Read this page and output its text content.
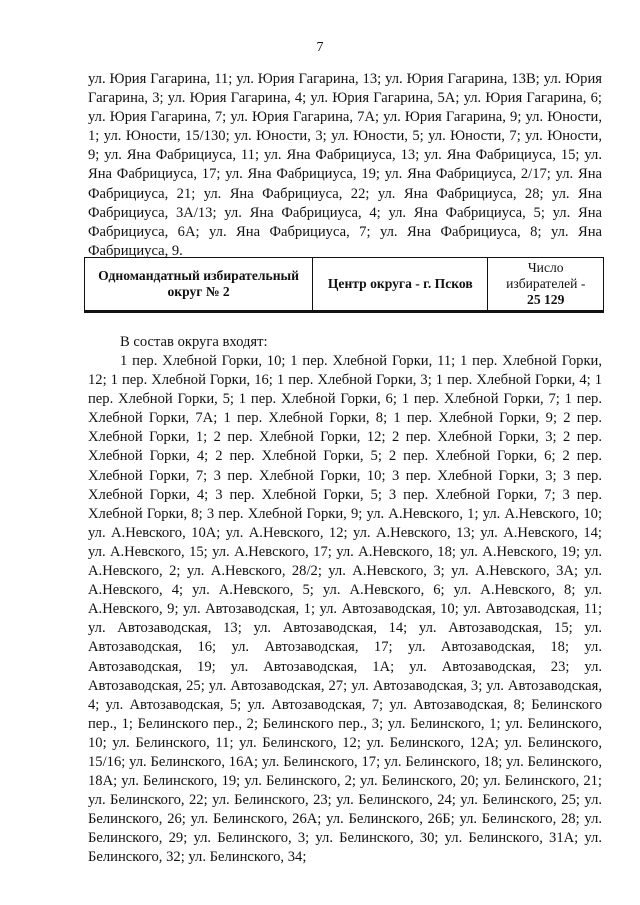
7

ул. Юрия Гагарина, 11; ул. Юрия Гагарина, 13; ул. Юрия Гагарина, 13В; ул. Юрия Гагарина, 3; ул. Юрия Гагарина, 4; ул. Юрия Гагарина, 5А; ул. Юрия Гагарина, 6; ул. Юрия Гагарина, 7; ул. Юрия Гагарина, 7А; ул. Юрия Гагарина, 9; ул. Юности, 1; ул. Юности, 15/130; ул. Юности, 3; ул. Юности, 5; ул. Юности, 7; ул. Юности, 9; ул. Яна Фабрициуса, 11; ул. Яна Фабрициуса, 13; ул. Яна Фабрициуса, 15; ул. Яна Фабрициуса, 17; ул. Яна Фабрициуса, 19; ул. Яна Фабрициуса, 2/17; ул. Яна Фабрициуса, 21; ул. Яна Фабрициуса, 22; ул. Яна Фабрициуса, 28; ул. Яна Фабрициуса, 3А/13; ул. Яна Фабрициуса, 4; ул. Яна Фабрициуса, 5; ул. Яна Фабрициуса, 6А; ул. Яна Фабрициуса, 7; ул. Яна Фабрициуса, 8; ул. Яна Фабрициуса, 9.

Одномандатный избирательный округ № 2
Центр округа - г. Псков
Число избирателей -
25 129

В состав округа входят:

1 пер. Хлебной Горки, 10; 1 пер. Хлебной Горки, 11; 1 пер. Хлебной Горки, 12; 1 пер. Хлебной Горки, 16; 1 пер. Хлебной Горки, 3; 1 пер. Хлебной Горки, 4; 1 пер. Хлебной Горки, 5; 1 пер. Хлебной Горки, 6; 1 пер. Хлебной Горки, 7; 1 пер. Хлебной Горки, 7А; 1 пер. Хлебной Горки, 8; 1 пер. Хлебной Горки, 9; 2 пер. Хлебной Горки, 1; 2 пер. Хлебной Горки, 12; 2 пер. Хлебной Горки, 3; 2 пер. Хлебной Горки, 4; 2 пер. Хлебной Горки, 5; 2 пер. Хлебной Горки, 6; 2 пер. Хлебной Горки, 7; 3 пер. Хлебной Горки, 10; 3 пер. Хлебной Горки, 3; 3 пер. Хлебной Горки, 4; 3 пер. Хлебной Горки, 5; 3 пер. Хлебной Горки, 7; 3 пер. Хлебной Горки, 8; 3 пер. Хлебной Горки, 9; ул. А.Невского, 1; ул. А.Невского, 10; ул. А.Невского, 10А; ул. А.Невского, 12; ул. А.Невского, 13; ул. А.Невского, 14; ул. А.Невского, 15; ул. А.Невского, 17; ул. А.Невского, 18; ул. А.Невского, 19; ул. А.Невского, 2; ул. А.Невского, 28/2; ул. А.Невского, 3; ул. А.Невского, 3А; ул. А.Невского, 4; ул. А.Невского, 5; ул. А.Невского, 6; ул. А.Невского, 8; ул. А.Невского, 9; ул. Автозаводская, 1; ул. Автозаводская, 10; ул. Автозаводская, 11; ул. Автозаводская, 13; ул. Автозаводская, 14; ул. Автозаводская, 15; ул. Автозаводская, 16; ул. Автозаводская, 17; ул. Автозаводская, 18; ул. Автозаводская, 19; ул. Автозаводская, 1А; ул. Автозаводская, 23; ул. Автозаводская, 25; ул. Автозаводская, 27; ул. Автозаводская, 3; ул. Автозаводская, 4; ул. Автозаводская, 5; ул. Автозаводская, 7; ул. Автозаводская, 8; Белинского пер., 1; Белинского пер., 2; Белинского пер., 3; ул. Белинского, 1; ул. Белинского, 10; ул. Белинского, 11; ул. Белинского, 12; ул. Белинского, 12А; ул. Белинского, 15/16; ул. Белинского, 16А; ул. Белинского, 17; ул. Белинского, 18; ул. Белинского, 18А; ул. Белинского, 19; ул. Белинского, 2; ул. Белинского, 20; ул. Белинского, 21; ул. Белинского, 22; ул. Белинского, 23; ул. Белинского, 24; ул. Белинского, 25; ул. Белинского, 26; ул. Белинского, 26А; ул. Белинского, 26Б; ул. Белинского, 28; ул. Белинского, 29; ул. Белинского, 3; ул. Белинского, 30; ул. Белинского, 31А; ул. Белинского, 32; ул. Белинского, 34;
